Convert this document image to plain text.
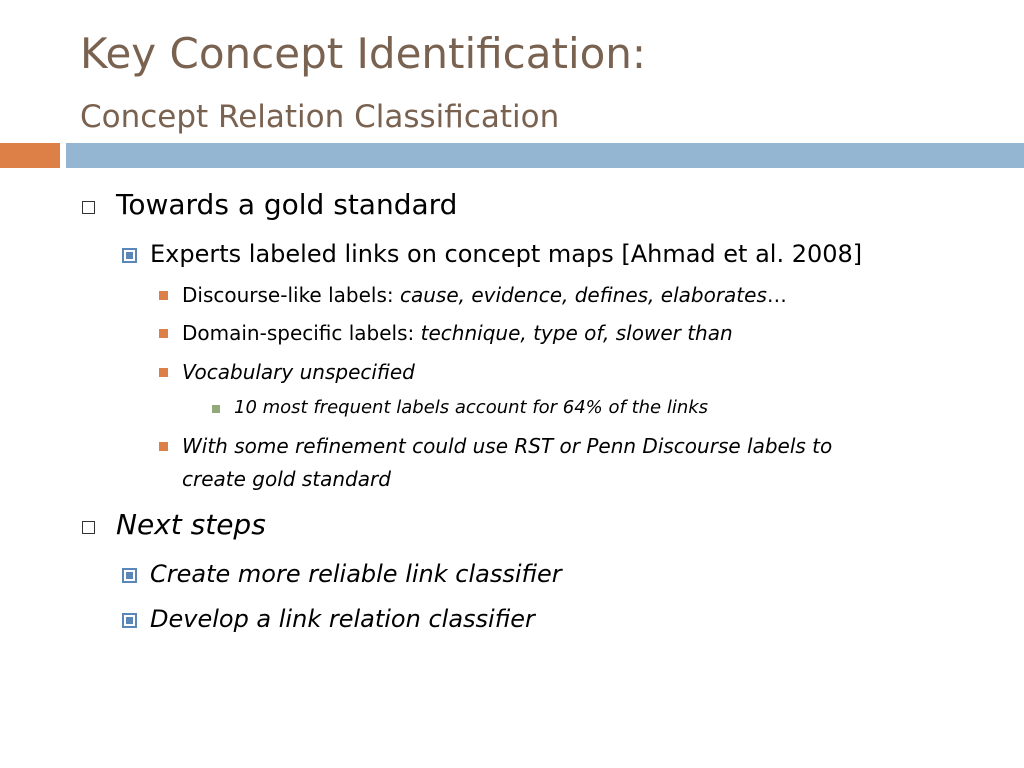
Key Concept Identification:
Concept Relation Classification
Towards a gold standard
Experts labeled links on concept maps [Ahmad et al. 2008]
Discourse-like labels: cause, evidence, defines, elaborates…
Domain-specific labels: technique, type of, slower than
Vocabulary unspecified
10 most frequent labels account for 64% of the links
With some refinement could use RST or Penn Discourse labels to
create gold standard
Next steps
Create more reliable link classifier
Develop a link relation classifier
